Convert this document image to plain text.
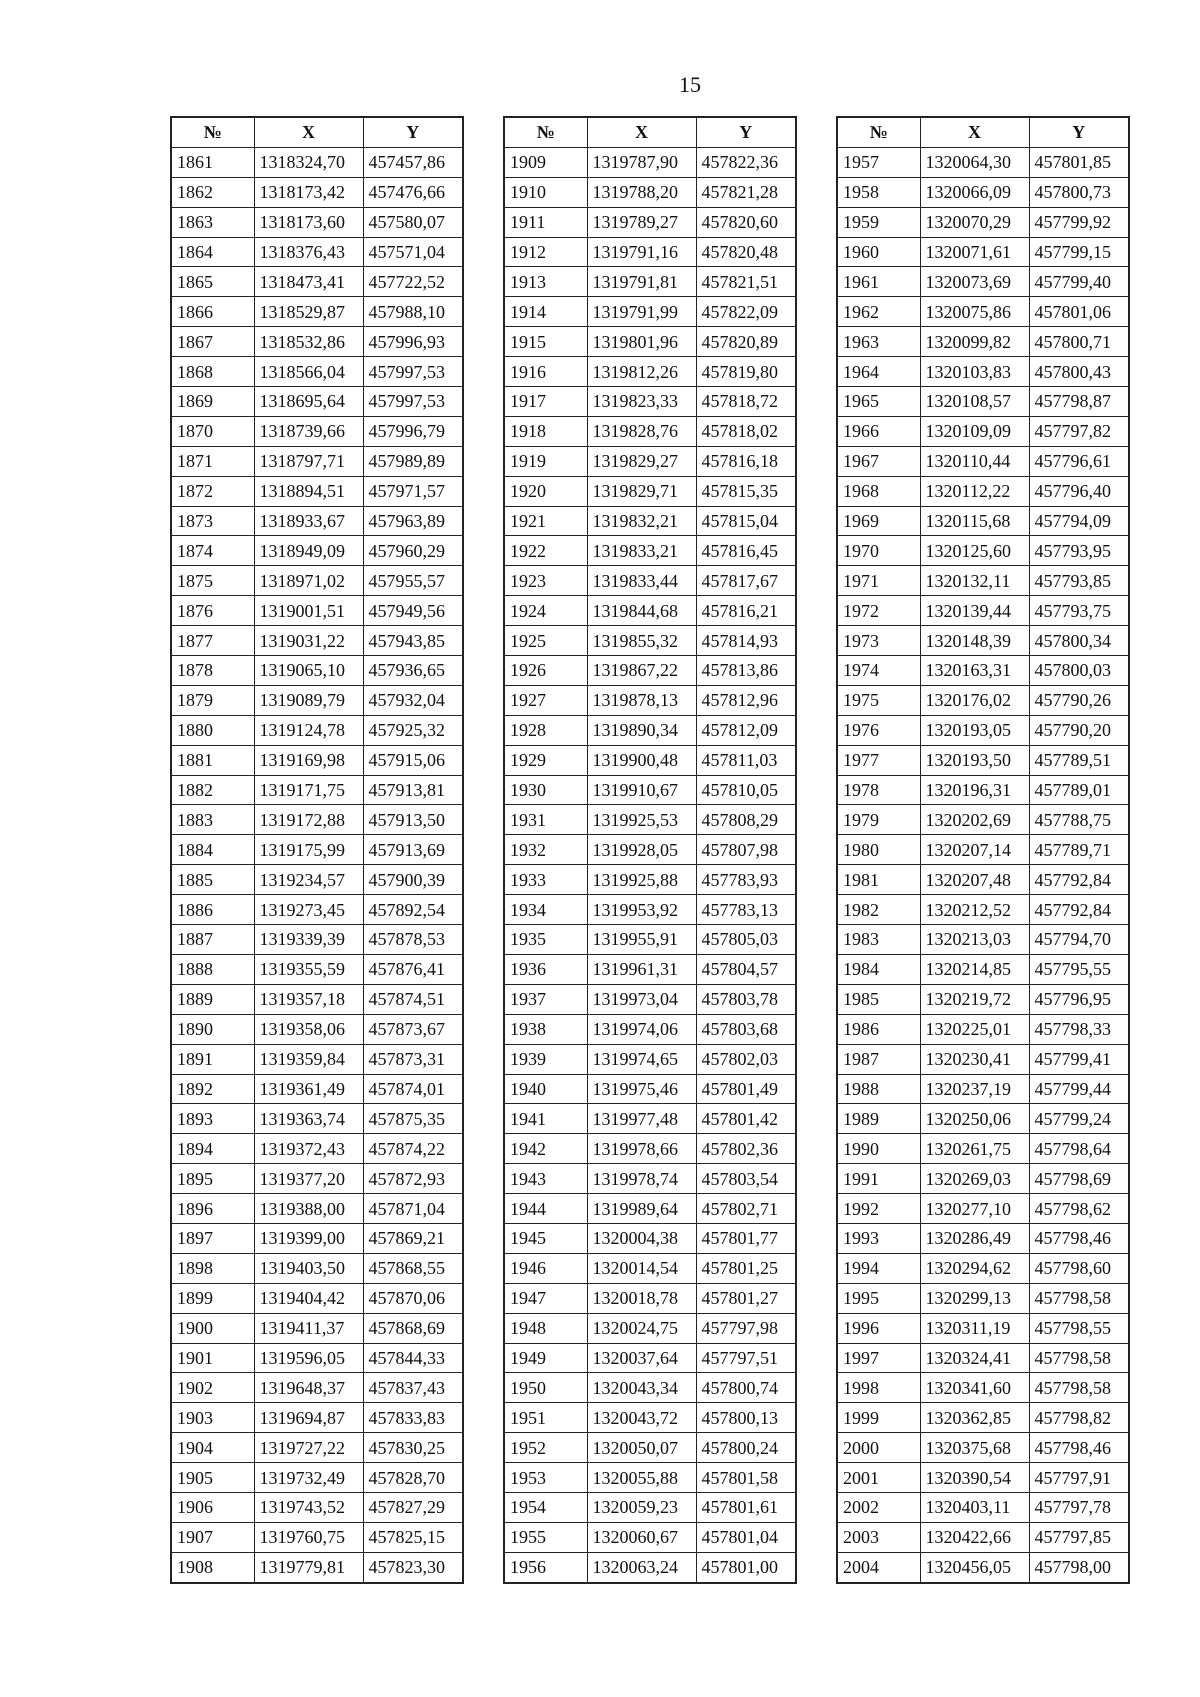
15
№	X	Y
1861	1318324,70	457457,86
1862	1318173,42	457476,66
1863	1318173,60	457580,07
1864	1318376,43	457571,04
1865	1318473,41	457722,52
1866	1318529,87	457988,10
1867	1318532,86	457996,93
1868	1318566,04	457997,53
1869	1318695,64	457997,53
1870	1318739,66	457996,79
1871	1318797,71	457989,89
1872	1318894,51	457971,57
1873	1318933,67	457963,89
1874	1318949,09	457960,29
1875	1318971,02	457955,57
1876	1319001,51	457949,56
1877	1319031,22	457943,85
1878	1319065,10	457936,65
1879	1319089,79	457932,04
1880	1319124,78	457925,32
1881	1319169,98	457915,06
1882	1319171,75	457913,81
1883	1319172,88	457913,50
1884	1319175,99	457913,69
1885	1319234,57	457900,39
1886	1319273,45	457892,54
1887	1319339,39	457878,53
1888	1319355,59	457876,41
1889	1319357,18	457874,51
1890	1319358,06	457873,67
1891	1319359,84	457873,31
1892	1319361,49	457874,01
1893	1319363,74	457875,35
1894	1319372,43	457874,22
1895	1319377,20	457872,93
1896	1319388,00	457871,04
1897	1319399,00	457869,21
1898	1319403,50	457868,55
1899	1319404,42	457870,06
1900	1319411,37	457868,69
1901	1319596,05	457844,33
1902	1319648,37	457837,43
1903	1319694,87	457833,83
1904	1319727,22	457830,25
1905	1319732,49	457828,70
1906	1319743,52	457827,29
1907	1319760,75	457825,15
1908	1319779,81	457823,30
№	X	Y
1909	1319787,90	457822,36
1910	1319788,20	457821,28
1911	1319789,27	457820,60
1912	1319791,16	457820,48
1913	1319791,81	457821,51
1914	1319791,99	457822,09
1915	1319801,96	457820,89
1916	1319812,26	457819,80
1917	1319823,33	457818,72
1918	1319828,76	457818,02
1919	1319829,27	457816,18
1920	1319829,71	457815,35
1921	1319832,21	457815,04
1922	1319833,21	457816,45
1923	1319833,44	457817,67
1924	1319844,68	457816,21
1925	1319855,32	457814,93
1926	1319867,22	457813,86
1927	1319878,13	457812,96
1928	1319890,34	457812,09
1929	1319900,48	457811,03
1930	1319910,67	457810,05
1931	1319925,53	457808,29
1932	1319928,05	457807,98
1933	1319925,88	457783,93
1934	1319953,92	457783,13
1935	1319955,91	457805,03
1936	1319961,31	457804,57
1937	1319973,04	457803,78
1938	1319974,06	457803,68
1939	1319974,65	457802,03
1940	1319975,46	457801,49
1941	1319977,48	457801,42
1942	1319978,66	457802,36
1943	1319978,74	457803,54
1944	1319989,64	457802,71
1945	1320004,38	457801,77
1946	1320014,54	457801,25
1947	1320018,78	457801,27
1948	1320024,75	457797,98
1949	1320037,64	457797,51
1950	1320043,34	457800,74
1951	1320043,72	457800,13
1952	1320050,07	457800,24
1953	1320055,88	457801,58
1954	1320059,23	457801,61
1955	1320060,67	457801,04
1956	1320063,24	457801,00
№	X	Y
1957	1320064,30	457801,85
1958	1320066,09	457800,73
1959	1320070,29	457799,92
1960	1320071,61	457799,15
1961	1320073,69	457799,40
1962	1320075,86	457801,06
1963	1320099,82	457800,71
1964	1320103,83	457800,43
1965	1320108,57	457798,87
1966	1320109,09	457797,82
1967	1320110,44	457796,61
1968	1320112,22	457796,40
1969	1320115,68	457794,09
1970	1320125,60	457793,95
1971	1320132,11	457793,85
1972	1320139,44	457793,75
1973	1320148,39	457800,34
1974	1320163,31	457800,03
1975	1320176,02	457790,26
1976	1320193,05	457790,20
1977	1320193,50	457789,51
1978	1320196,31	457789,01
1979	1320202,69	457788,75
1980	1320207,14	457789,71
1981	1320207,48	457792,84
1982	1320212,52	457792,84
1983	1320213,03	457794,70
1984	1320214,85	457795,55
1985	1320219,72	457796,95
1986	1320225,01	457798,33
1987	1320230,41	457799,41
1988	1320237,19	457799,44
1989	1320250,06	457799,24
1990	1320261,75	457798,64
1991	1320269,03	457798,69
1992	1320277,10	457798,62
1993	1320286,49	457798,46
1994	1320294,62	457798,60
1995	1320299,13	457798,58
1996	1320311,19	457798,55
1997	1320324,41	457798,58
1998	1320341,60	457798,58
1999	1320362,85	457798,82
2000	1320375,68	457798,46
2001	1320390,54	457797,91
2002	1320403,11	457797,78
2003	1320422,66	457797,85
2004	1320456,05	457798,00
